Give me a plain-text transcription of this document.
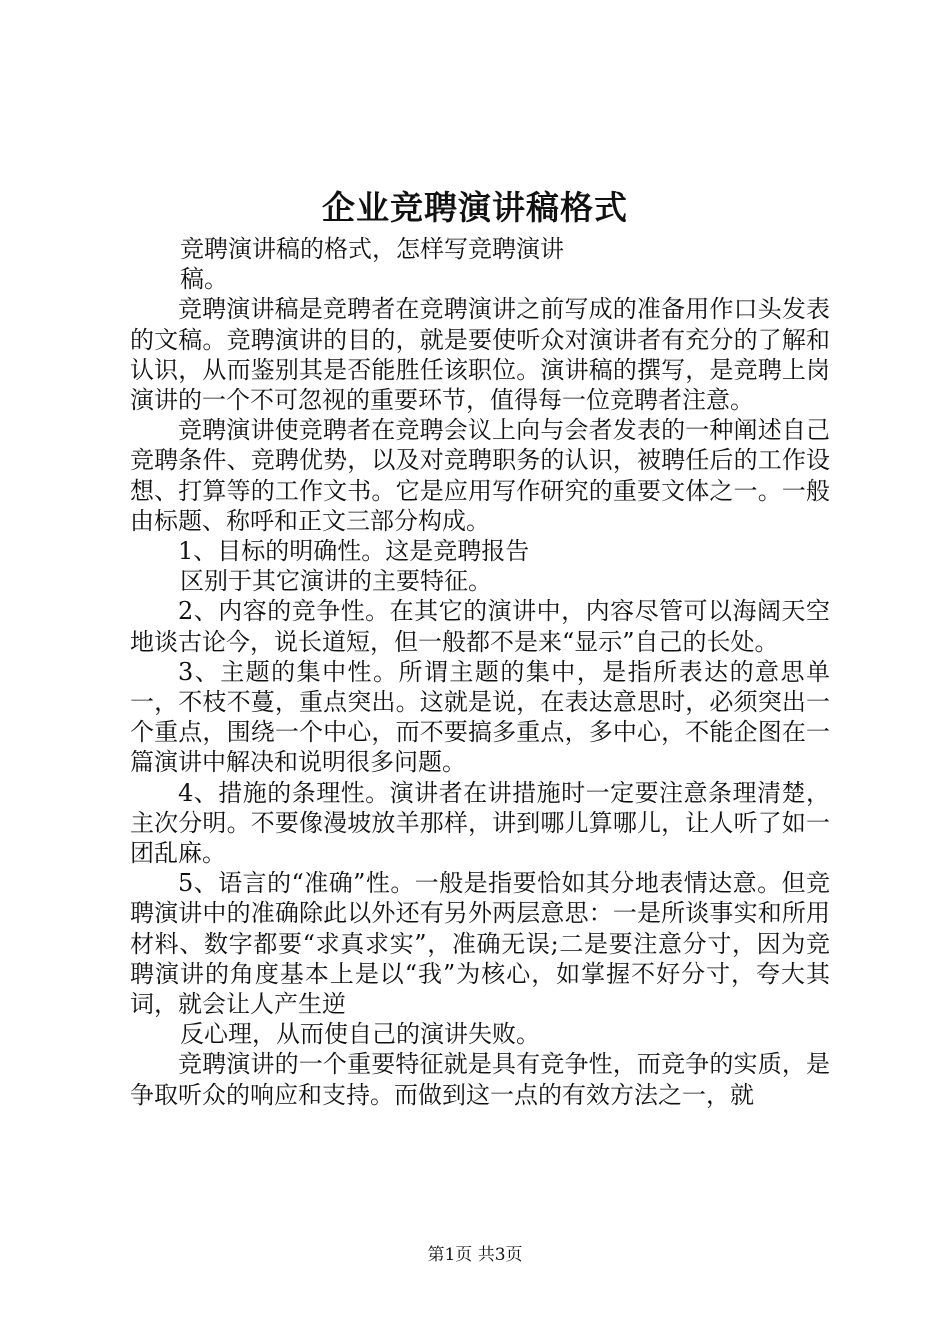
企业竞聘演讲稿格式

竞聘演讲稿的格式，怎样写竞聘演讲

稿。

竞聘演讲稿是竞聘者在竞聘演讲之前写成的准备用作口头发表的文稿。竞聘演讲的目的，就是要使听众对演讲者有充分的了解和认识，从而鉴别其是否能胜任该职位。演讲稿的撰写，是竞聘上岗演讲的一个不可忽视的重要环节，值得每一位竞聘者注意。

竞聘演讲使竞聘者在竞聘会议上向与会者发表的一种阐述自己竞聘条件、竞聘优势，以及对竞聘职务的认识，被聘任后的工作设想、打算等的工作文书。它是应用写作研究的重要文体之一。一般由标题、称呼和正文三部分构成。

1、目标的明确性。这是竞聘报告

区别于其它演讲的主要特征。

2、内容的竞争性。在其它的演讲中，内容尽管可以海阔天空地谈古论今，说长道短，但一般都不是来“显示”自己的长处。

3、主题的集中性。所谓主题的集中，是指所表达的意思单一，不枝不蔓，重点突出。这就是说，在表达意思时，必须突出一个重点，围绕一个中心，而不要搞多重点，多中心，不能企图在一篇演讲中解决和说明很多问题。

4、措施的条理性。演讲者在讲措施时一定要注意条理清楚，主次分明。不要像漫坡放羊那样，讲到哪儿算哪儿，让人听了如一团乱麻。

5、语言的“准确”性。一般是指要恰如其分地表情达意。但竞聘演讲中的准确除此以外还有另外两层意思：一是所谈事实和所用材料、数字都要“求真求实”，准确无误;二是要注意分寸，因为竞聘演讲的角度基本上是以“我”为核心，如掌握不好分寸，夸大其词，就会让人产生逆

反心理，从而使自己的演讲失败。

竞聘演讲的一个重要特征就是具有竞争性，而竞争的实质，是争取听众的响应和支持。而做到这一点的有效方法之一，就

第1页 共3页
